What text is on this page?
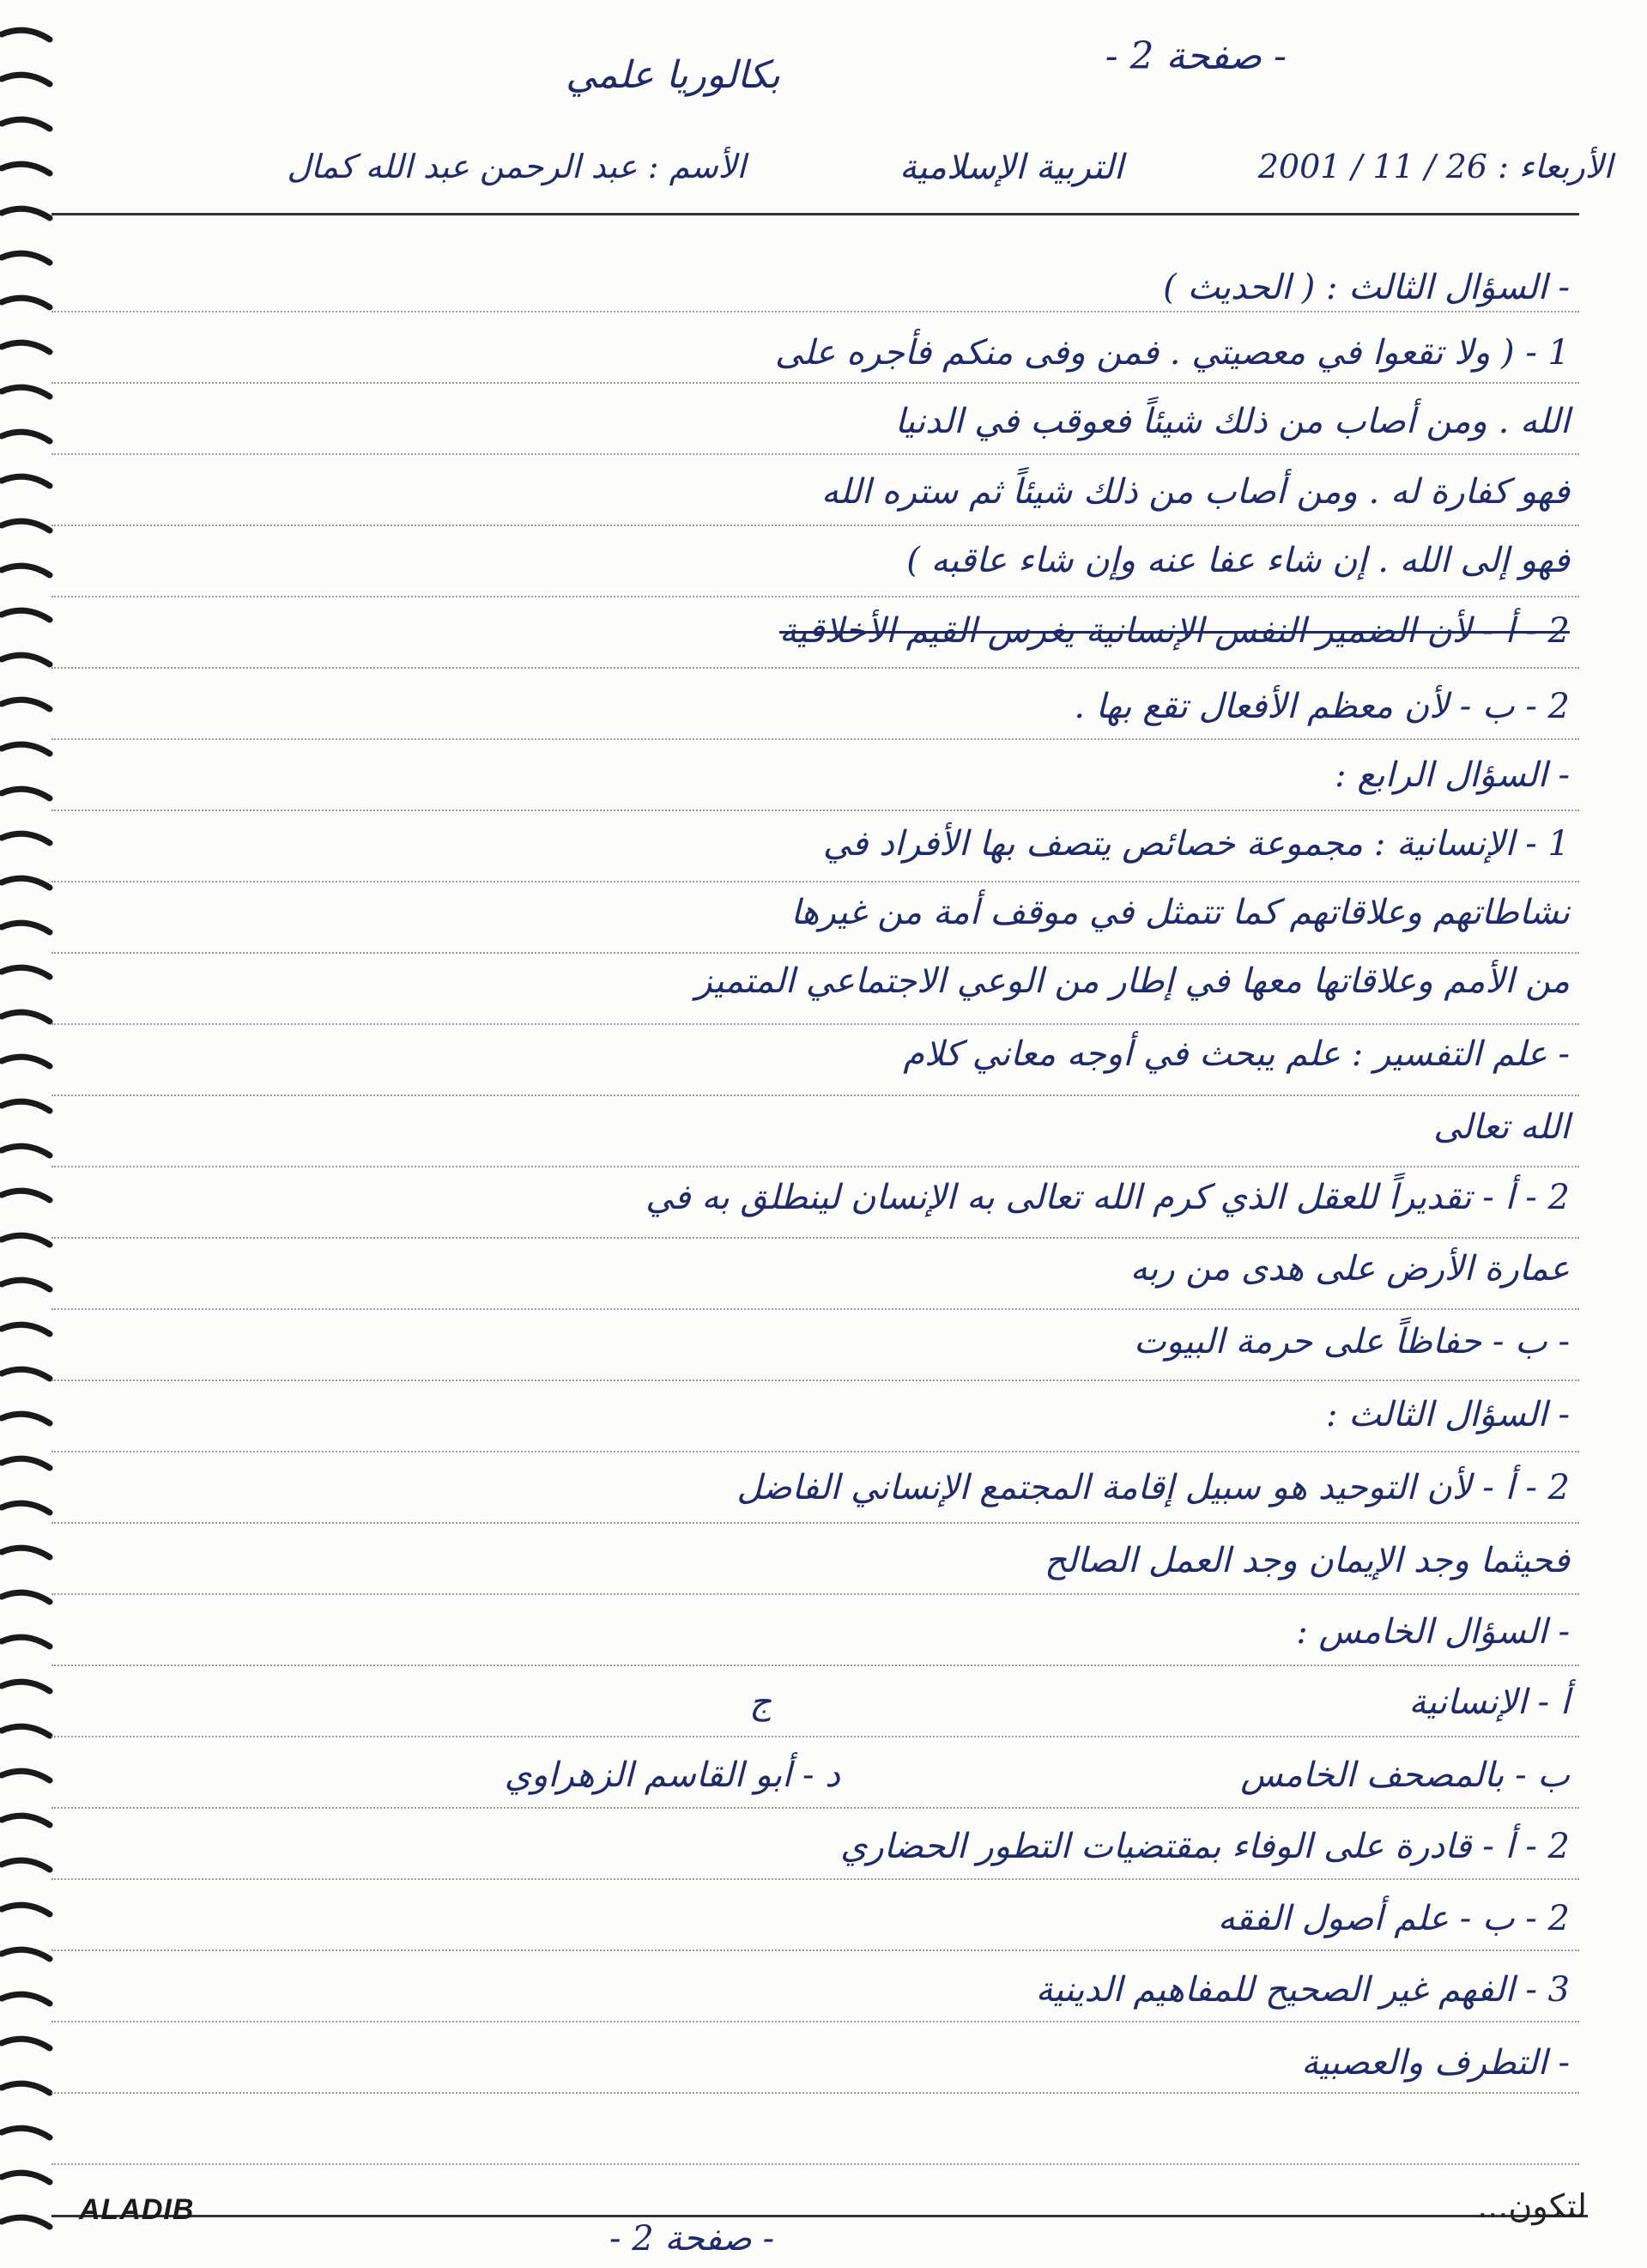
- صفحة 2 -
بكالوريا علمي
الأربعاء : 26 / 11 / 2001
التربية الإسلامية
الأسم : عبد الرحمن عبد الله كمال
- السؤال الثالث : ( الحديث )
1 - ( ولا تقعوا في معصيتي . فمن وفى منكم فأجره على
الله . ومن أصاب من ذلك شيئاً فعوقب في الدنيا
فهو كفارة له . ومن أصاب من ذلك شيئاً ثم ستره الله
فهو إلى الله . إن شاء عفا عنه وإن شاء عاقبه )
2 - أ - لأن الضمير النفس الإنسانية يغرس القيم الأخلاقية
2 - ب - لأن معظم الأفعال تقع بها .
- السؤال الرابع :
1 - الإنسانية : مجموعة خصائص يتصف بها الأفراد في
نشاطاتهم وعلاقاتهم كما تتمثل في موقف أمة من غيرها
من الأمم وعلاقاتها معها في إطار من الوعي الاجتماعي المتميز
- علم التفسير : علم يبحث في أوجه معاني كلام
الله تعالى
2 - أ - تقديراً للعقل الذي كرم الله تعالى به الإنسان لينطلق به في
عمارة الأرض على هدى من ربه
- ب - حفاظاً على حرمة البيوت
- السؤال الثالث :
2 - أ - لأن التوحيد هو سبيل إقامة المجتمع الإنساني الفاضل
فحيثما وجد الإيمان وجد العمل الصالح
- السؤال الخامس :
أ - الإنسانية
ب - بالمصحف الخامس
2 - أ - قادرة على الوفاء بمقتضيات التطور الحضاري
2 - ب - علم أصول الفقه
3 - الفهم غير الصحيح للمفاهيم الدينية
- التطرف والعصبية
ج
د - أبو القاسم الزهراوي
ALADIB	لتكون...
- صفحة 2 -
